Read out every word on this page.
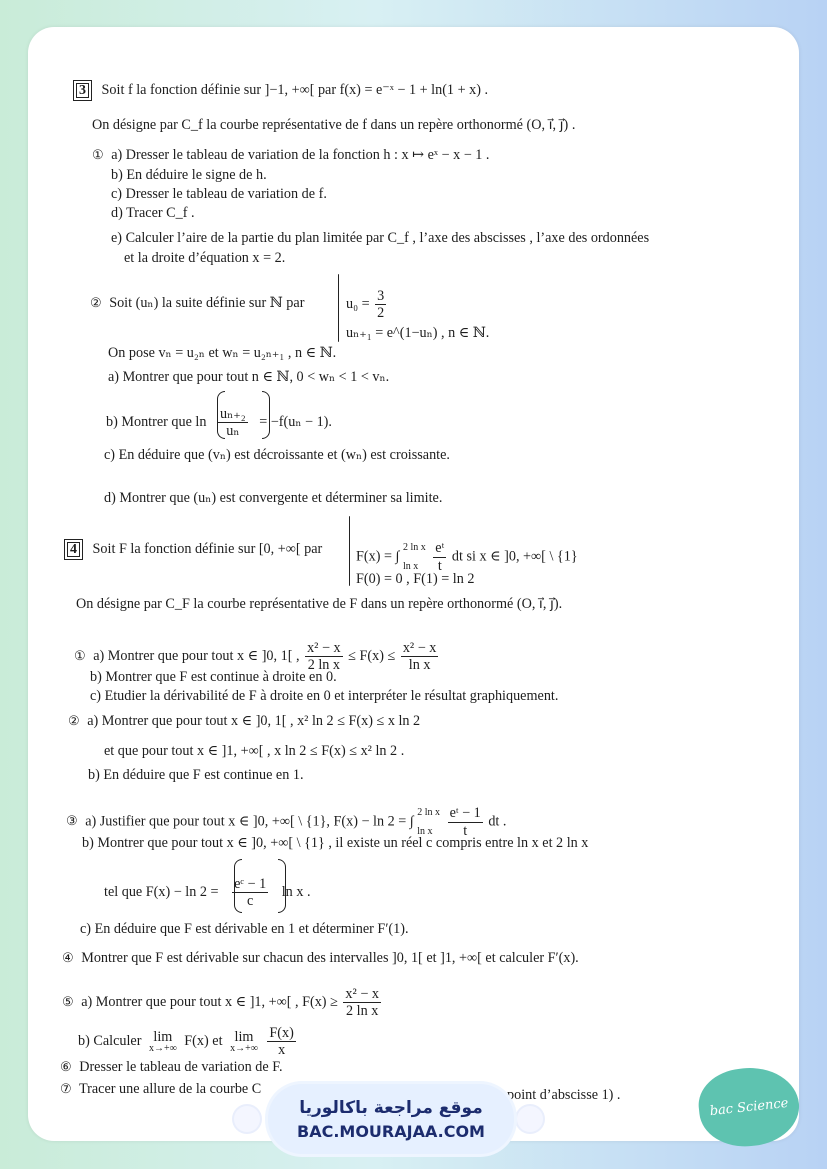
3 Soit f la fonction définie sur ]−1, +∞[ par f(x) = e⁻ˣ − 1 + ln(1 + x) .
On désigne par C_f la courbe représentative de f dans un repère orthonormé (O, i⃗, j⃗) .
① a) Dresser le tableau de variation de la fonction h : x ↦ eˣ − x − 1 .
b) En déduire le signe de h.
c) Dresser le tableau de variation de f.
d) Tracer C_f .
e) Calculer l’aire de la partie du plan limitée par C_f , l’axe des abscisses , l’axe des ordonnées
et la droite d’équation x = 2.
② Soit (uₙ) la suite définie sur ℕ par	$u_0 = \frac{3}{2}$
uₙ₊₁ = e^(1−uₙ) , n ∈ ℕ.
On pose vₙ = u₂ₙ et wₙ = u₂ₙ₊₁ , n ∈ ℕ.
a) Montrer que pour tout n ∈ ℕ, 0 < wₙ < 1 < vₙ.
b) Montrer que $\ln \frac{\text{uₙ₊₂}}{\text{uₙ}} = -f(u_n - 1)$.
c) En déduire que (vₙ) est décroissante et (wₙ) est croissante.
d) Montrer que (uₙ) est convergente et déterminer sa limite.
4 Soit F la fonction définie sur [0, +∞[ par F(x) = ∫
2 ln x
ln x
	$\frac{\text{eᵗ}}{t}$ dt si x ∈ ]0, +∞[ \ {1}
F(0) = 0 , F(1) = ln 2
On désigne par C_F la courbe représentative de F dans un repère orthonormé (O, i⃗, j⃗).
① a) Montrer que pour tout x ∈ ]0, 1[ , $\frac{\text{x² − x}}{\text{2 ln x}} \le F(x) \le \frac{\text{x² − x}}{\text{ln x}}$
b) Montrer que F est continue à droite en 0.
c) Etudier la dérivabilité de F à droite en 0 et interpréter le résultat graphiquement.
② a) Montrer que pour tout x ∈ ]0, 1[ , x² ln 2 ≤ F(x) ≤ x ln 2
et que pour tout x ∈ ]1, +∞[ , x ln 2 ≤ F(x) ≤ x² ln 2 .
b) En déduire que F est continue en 1.
③ a) Justifier que pour tout x ∈ ]0, +∞[ \ {1}, F(x) − ln 2 = ∫
2 ln x
ln x
	$\frac{\text{eᵗ − 1}}{t}$ dt .
b) Montrer que pour tout x ∈ ]0, +∞[ \ {1} , il existe un réel c compris entre ln x et 2 ln x
tel que $F(x) - \ln 2 = \frac{\text{eᶜ − 1}}{c}$ ln x .
c) En déduire que F est dérivable en 1 et déterminer F′(1).
④ Montrer que F est dérivable sur chacun des intervalles ]0, 1[ et ]1, +∞[ et calculer F′(x).
⑤ a) Montrer que pour tout x ∈ ]1, +∞[ , $F(x) \ge \frac{\text{x² − x}}{\text{2 ln x}}$
b) Calculer lim
x→+∞ F(x) et lim
x→+∞
$\frac{F(x)}{x}$
⑥ Dresser le tableau de variation de F.
⑦ Tracer une allure de la courbe C	point d’abscisse 1) .
موقع مراجعة باكالوريا
BAC.MOURAJAA.COM
bac Science
